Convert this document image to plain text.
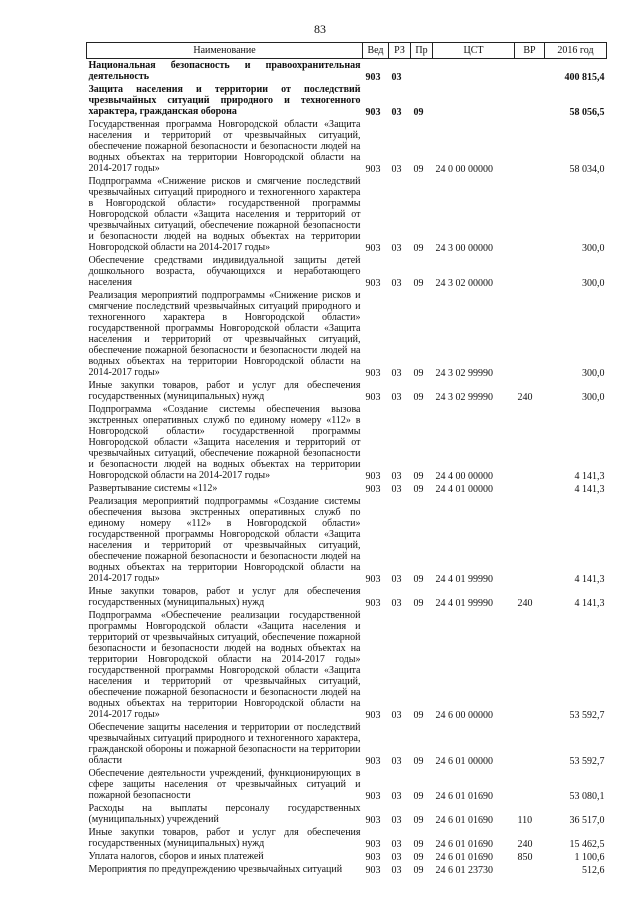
83
Наименование	Вед	РЗ	Пр	ЦСТ	ВР	2016 год
Национальная безопасность и правоохранительная деятельность	903	03				400 815,4
Защита населения и территории от последствий чрезвычайных ситуаций природного и техногенного характера, гражданская оборона	903	03	09			58 056,5
Государственная программа Новгородской области «Защита населения и территорий от чрезвычайных ситуаций, обеспечение пожарной безопасности и безопасности людей на водных объектах на территории Новгородской области на 2014-2017 годы»	903	03	09	24 0 00 00000		58 034,0
Подпрограмма «Снижение рисков и смягчение последствий чрезвычайных ситуаций природного и техногенного характера в Новгородской области» государственной программы Новгородской области «Защита населения и территорий от чрезвычайных ситуаций, обеспечение пожарной безопасности и безопасности людей на водных объектах на территории Новгородской области на 2014-2017 годы»	903	03	09	24 3 00 00000		300,0
Обеспечение средствами индивидуальной защиты детей дошкольного возраста, обучающихся и неработающего населения	903	03	09	24 3 02 00000		300,0
Реализация мероприятий подпрограммы «Снижение рисков и смягчение последствий чрезвычайных ситуаций природного и техногенного характера в Новгородской области» государственной программы Новгородской области «Защита населения и территорий от чрезвычайных ситуаций, обеспечение пожарной безопасности и безопасности людей на водных объектах на территории Новгородской области на 2014-2017 годы»	903	03	09	24 3 02 99990		300,0
Иные закупки товаров, работ и услуг для обеспечения государственных (муниципальных) нужд	903	03	09	24 3 02 99990	240	300,0
Подпрограмма «Создание системы обеспечения вызова экстренных оперативных служб по единому номеру «112» в Новгородской области» государственной программы Новгородской области «Защита населения и территорий от чрезвычайных ситуаций, обеспечение пожарной безопасности и безопасности людей на водных объектах на территории Новгородской области на 2014-2017 годы»	903	03	09	24 4 00 00000		4 141,3
Развертывание системы «112»	903	03	09	24 4 01 00000		4 141,3
Реализация мероприятий подпрограммы «Создание системы обеспечения вызова экстренных оперативных служб по единому номеру «112» в Новгородской области» государственной программы Новгородской области «Защита населения и территорий от чрезвычайных ситуаций, обеспечение пожарной безопасности и безопасности людей на водных объектах на территории Новгородской области на 2014-2017 годы»	903	03	09	24 4 01 99990		4 141,3
Иные закупки товаров, работ и услуг для обеспечения государственных (муниципальных) нужд	903	03	09	24 4 01 99990	240	4 141,3
Подпрограмма «Обеспечение реализации государственной программы Новгородской области «Защита населения и территорий от чрезвычайных ситуаций, обеспечение пожарной безопасности и безопасности людей на водных объектах на территории Новгородской области на 2014-2017 годы» государственной программы Новгородской области «Защита населения и территорий от чрезвычайных ситуаций, обеспечение пожарной безопасности и безопасности людей на водных объектах на территории Новгородской области на 2014-2017 годы»	903	03	09	24 6 00 00000		53 592,7
Обеспечение защиты населения и территории от последствий чрезвычайных ситуаций природного и техногенного характера, гражданской обороны и пожарной безопасности на территории области	903	03	09	24 6 01 00000		53 592,7
Обеспечение деятельности учреждений, функционирующих в сфере защиты населения от чрезвычайных ситуаций и пожарной безопасности	903	03	09	24 6 01 01690		53 080,1
Расходы на выплаты персоналу государственных (муниципальных) учреждений	903	03	09	24 6 01 01690	110	36 517,0
Иные закупки товаров, работ и услуг для обеспечения государственных (муниципальных) нужд	903	03	09	24 6 01 01690	240	15 462,5
Уплата налогов, сборов и иных платежей	903	03	09	24 6 01 01690	850	1 100,6
Мероприятия по предупреждению чрезвычайных ситуаций	903	03	09	24 6 01 23730		512,6
